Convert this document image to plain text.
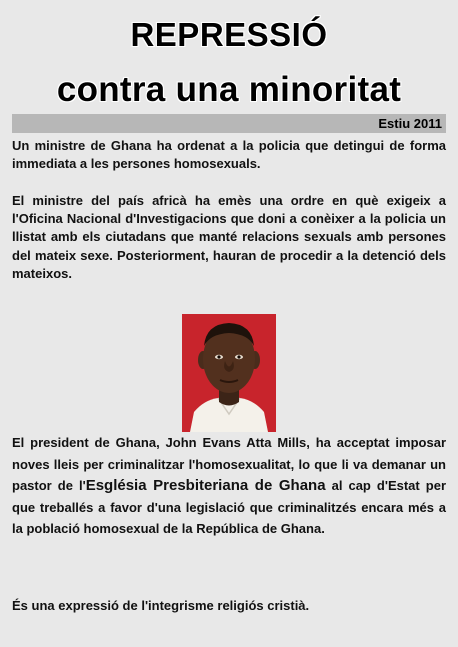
REPRESSIÓ
contra una minoritat
Estiu 2011
Un ministre de Ghana ha ordenat a la policia que detingui de forma immediata a les persones homosexuals.
El ministre del país africà ha emès una ordre en què exigeix a l'Oficina Nacional d'Investigacions que doni a conèixer a la policia un llistat amb els ciutadans que manté relacions sexuals amb persones del mateix sexe. Posteriorment, hauran de procedir a la detenció dels mateixos.
El president de Ghana, John Evans Atta Mills, ha acceptat imposar noves lleis per criminalitzar l'homosexualitat, lo que li va demanar un pastor de l'Església Presbiteriana de Ghana al cap d'Estat per que treballés a favor d'una legislació que criminalitzés encara més a la població homosexual de la República de Ghana.
És una expressió de l'integrisme religiós cristià.
